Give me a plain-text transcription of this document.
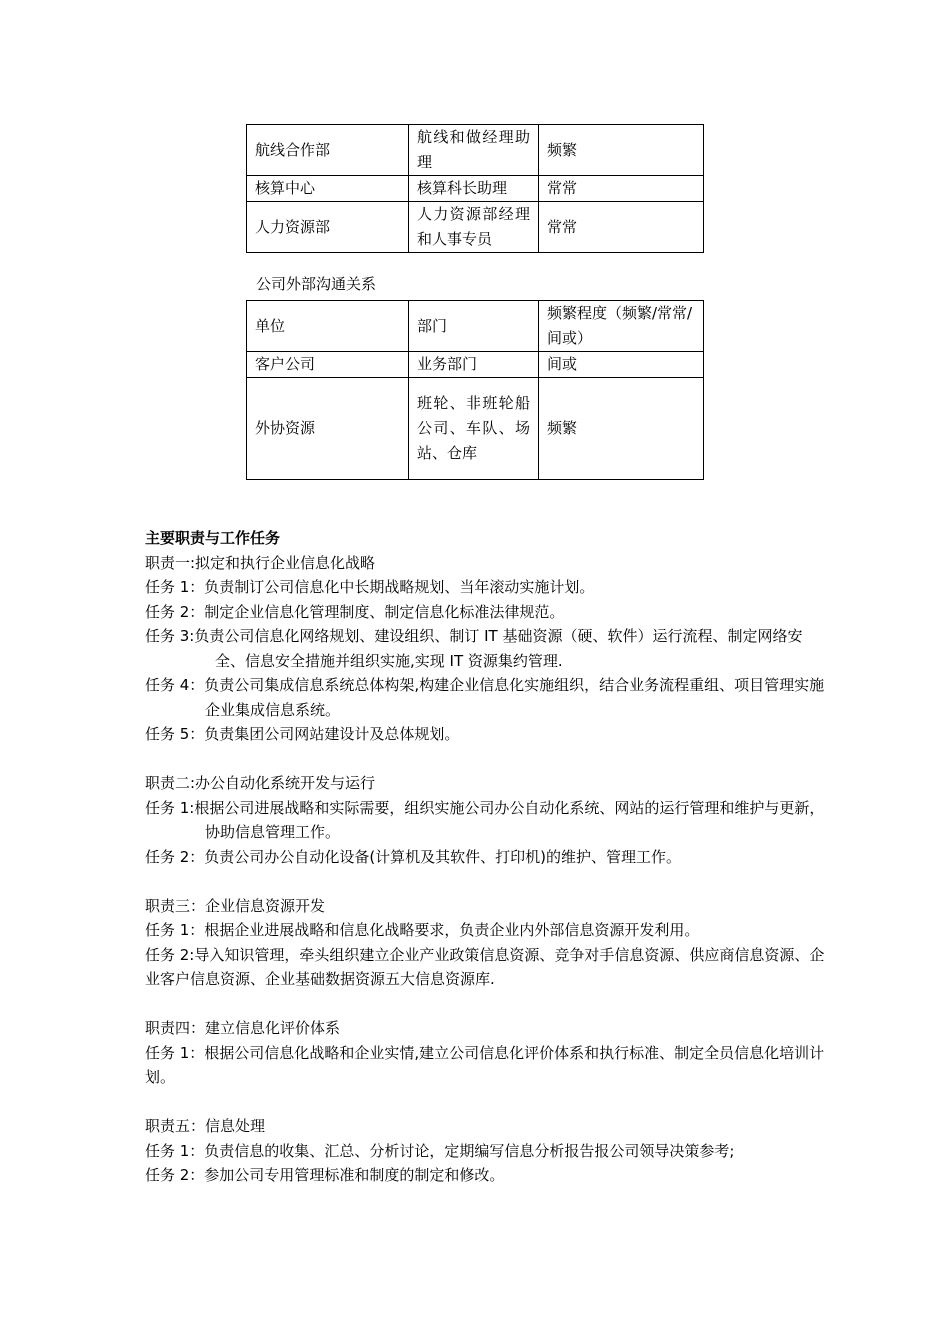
航线合作部	航线和做经理助理	频繁
核算中心	核算科长助理	常常
人力资源部	人力资源部经理和人事专员	常常
公司外部沟通关系
单位	部门	频繁程度（频繁/常常/间或）
客户公司	业务部门	间或
外协资源	班轮、非班轮船公司、车队、场站、仓库	频繁

主要职责与工作任务

职责一:拟定和执行企业信息化战略

任务 1：负责制订公司信息化中长期战略规划、当年滚动实施计划。

任务 2：制定企业信息化管理制度、制定信息化标准法律规范。

任务 3:负责公司信息化网络规划、建设组织、制订 IT 基础资源（硬、软件）运行流程、制定网络安全、信息安全措施并组织实施,实现 IT 资源集约管理.

任务 4：负责公司集成信息系统总体构架,构建企业信息化实施组织，结合业务流程重组、项目管理实施企业集成信息系统。

任务 5：负责集团公司网站建设计及总体规划。

职责二:办公自动化系统开发与运行

任务 1:根据公司进展战略和实际需要，组织实施公司办公自动化系统、网站的运行管理和维护与更新，协助信息管理工作。

任务 2：负责公司办公自动化设备(计算机及其软件、打印机)的维护、管理工作。

职责三：企业信息资源开发

任务 1：根据企业进展战略和信息化战略要求，负责企业内外部信息资源开发利用。

任务 2:导入知识管理，牵头组织建立企业产业政策信息资源、竞争对手信息资源、供应商信息资源、企业客户信息资源、企业基础数据资源五大信息资源库.

职责四：建立信息化评价体系

任务 1：根据公司信息化战略和企业实情,建立公司信息化评价体系和执行标准、制定全员信息化培训计划。

职责五：信息处理

任务 1：负责信息的收集、汇总、分析讨论，定期编写信息分析报告报公司领导决策参考;

任务 2：参加公司专用管理标准和制度的制定和修改。
